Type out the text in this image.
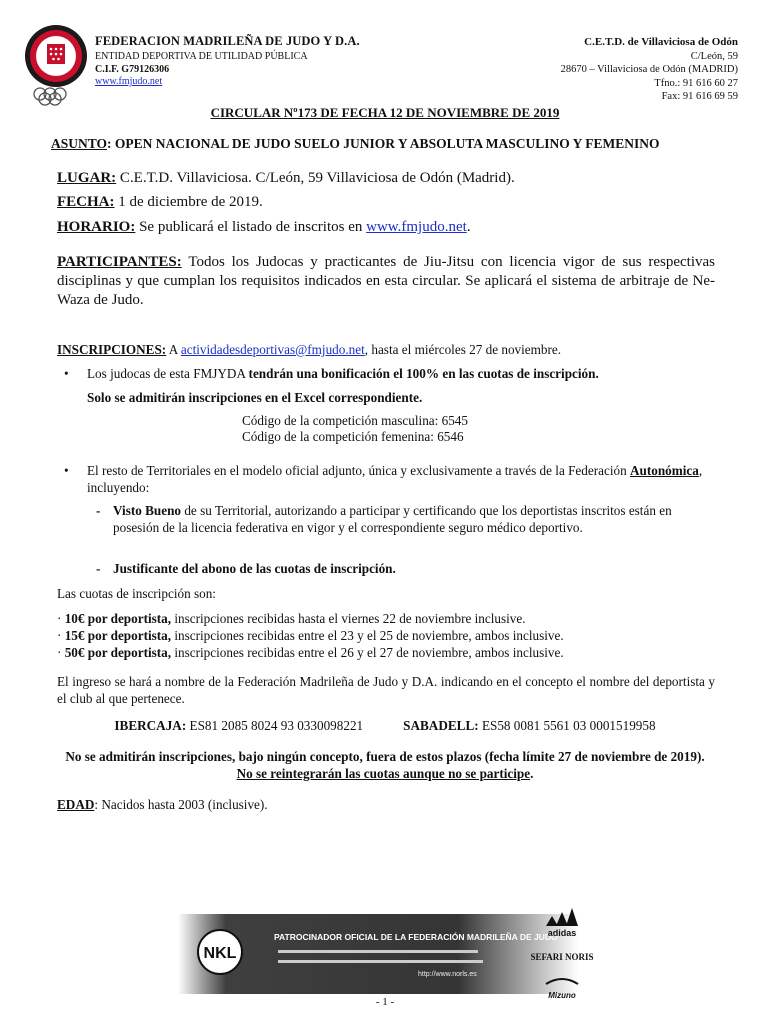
FEDERACION MADRILEÑA DE JUDO Y D.A.
ENTIDAD DEPORTIVA DE UTILIDAD PÚBLICA
C.I.F. G79126306
www.fmjudo.net
C.E.T.D. de Villaviciosa de Odón
C/León, 59
28670 – Villaviciosa de Odón (MADRID)
Tfno.: 91 616 60 27
Fax: 91 616 69 59
CIRCULAR Nº173 DE FECHA 12 DE NOVIEMBRE DE 2019
ASUNTO: OPEN NACIONAL DE JUDO SUELO JUNIOR Y ABSOLUTA MASCULINO Y FEMENINO
LUGAR: C.E.T.D. Villaviciosa. C/León, 59 Villaviciosa de Odón (Madrid).
FECHA: 1 de diciembre de 2019.
HORARIO: Se publicará el listado de inscritos en www.fmjudo.net.
PARTICIPANTES: Todos los Judocas y practicantes de Jiu-Jitsu con licencia vigor de sus respectivas disciplinas y que cumplan los requisitos indicados en esta circular. Se aplicará el sistema de arbitraje de Ne-Waza de Judo.
INSCRIPCIONES: A actividadesdeportivas@fmjudo.net, hasta el miércoles 27 de noviembre.
• Los judocas de esta FMJYDA tendrán una bonificación el 100% en las cuotas de inscripción.
Solo se admitirán inscripciones en el Excel correspondiente.
Código de la competición masculina: 6545
Código de la competición femenina: 6546
• El resto de Territoriales en el modelo oficial adjunto, única y exclusivamente a través de la Federación Autonómica, incluyendo:
- Visto Bueno de su Territorial, autorizando a participar y certificando que los deportistas inscritos están en posesión de la licencia federativa en vigor y el correspondiente seguro médico deportivo.
- Justificante del abono de las cuotas de inscripción.
Las cuotas de inscripción son:
· 10€ por deportista, inscripciones recibidas hasta el viernes 22 de noviembre inclusive.
· 15€ por deportista, inscripciones recibidas entre el 23 y el 25 de noviembre, ambos inclusive.
· 50€ por deportista, inscripciones recibidas entre el 26 y el 27 de noviembre, ambos inclusive.
El ingreso se hará a nombre de la Federación Madrileña de Judo y D.A. indicando en el concepto el nombre del deportista y el club al que pertenece.
IBERCAJA: ES81 2085 8024 93 0330098221	SABADELL: ES58 0081 5561 03 0001519958
No se admitirán inscripciones, bajo ningún concepto, fuera de estos plazos (fecha límite 27 de noviembre de 2019). No se reintegrarán las cuotas aunque no se participe.
EDAD: Nacidos hasta 2003 (inclusive).
NKL
PATROCINADOR OFICIAL DE LA FEDERACIÓN MADRILEÑA DE JUDO
http://www.norls.es
adidas
SEFARI NORIS
Mizuno
- 1 -
